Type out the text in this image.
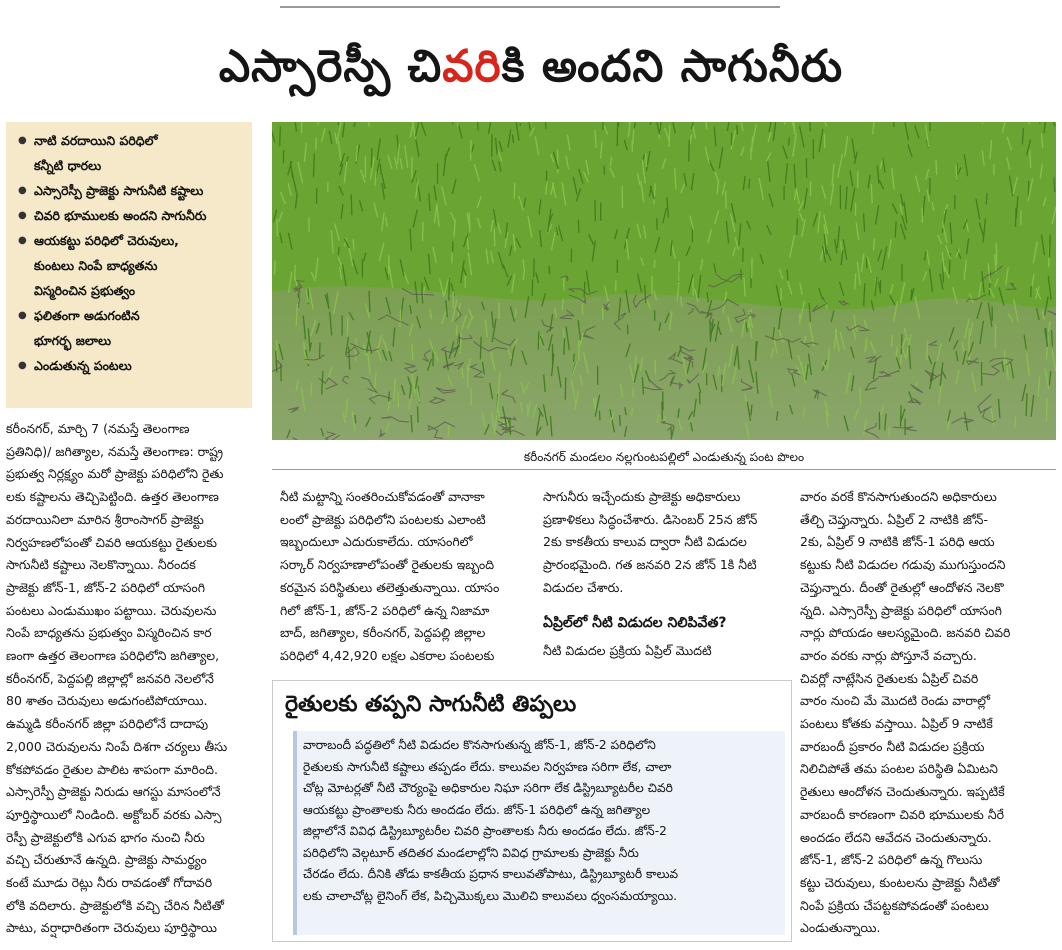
ఎస్సారెస్పీ చివరికి అందని సాగునీరు
● నాటి వరదాయిని పరిధిలో
కన్నీటి ధారలు
● ఎస్సారెస్పీ ప్రాజెక్టు సాగునీటి కష్టాలు
● చివరి భూములకు అందని సాగునీరు
● ఆయకట్టు పరిధిలో చెరువులు,
కుంటలు నింపే బాధ్యతను
విస్మరించిన ప్రభుత్వం
● ఫలితంగా అడుగంటిన
భూగర్భ జలాలు
● ఎండుతున్న పంటలు
కరీంనగర్ మండలం నల్లగుంటపల్లిలో ఎండుతున్న పంట పొలం
కరీంనగర్, మార్చి 7 (నమస్తే తెలంగాణ
ప్రతినిధి)/ జగిత్యాల, నమస్తే తెలంగాణ: రాష్ట్ర
ప్రభుత్వ నిర్లక్ష్యం మరో ప్రాజెక్టు పరిధిలోని రైతు
లకు కష్టాలను తెచ్చిపెట్టింది. ఉత్తర తెలంగాణ
వరదాయినిలా మారిన శ్రీరాంసాగర్ ప్రాజెక్టు
నిర్వహణలోపంతో చివరి ఆయకట్టు రైతులకు
సాగునీటి కష్టాలు నెలకొన్నాయి. నీరందక
ప్రాజెక్టు జోన్-1, జోన్-2 పరిధిలో యాసంగి
పంటలు ఎండుముఖం పట్టాయి. చెరువులను
నింపే బాధ్యతను ప్రభుత్వం విస్మరించిన కార
ణంగా ఉత్తర తెలంగాణ పరిధిలోని జగిత్యాల,
కరీంనగర్, పెద్దపల్లి జిల్లాల్లో జనవరి నెలలోనే
80 శాతం చెరువులు అడుగంటిపోయాయి.
ఉమ్మడి కరీంనగర్ జిల్లా పరిధిలోనే దాదాపు
2,000 చెరువులను నింపే దిశగా చర్యలు తీసు
కోకపోవడం రైతుల పాలిట శాపంగా మారింది.
ఎస్సారెస్పీ ప్రాజెక్టు నిరుడు ఆగస్టు మాసంలోనే
పూర్తిస్థాయిలో నిండింది. అక్టోబర్ వరకు ఎస్సా
రెస్పీ ప్రాజెక్టులోకి ఎగువ భాగం నుంచి నీరు
వచ్చి చేరుతూనే ఉన్నది. ప్రాజెక్టు సామర్థ్యం
కంటే మూడు రెట్లు నీరు రావడంతో గోదావరి
లోకి వదిలారు. ప్రాజెక్టులోకి వచ్చి చేరిన నీటితో
పాటు, వర్షాధారితంగా చెరువులు పూర్తిస్థాయి
నీటి మట్టాన్ని సంతరించుకోవడంతో వానాకా
లంలో ప్రాజెక్టు పరిధిలోని పంటలకు ఎలాంటి
ఇబ్బందులూ ఎదురుకాలేదు. యాసంగిలో
సర్కార్ నిర్వహణాలోపంతో రైతులకు ఇబ్బంది
కరమైన పరిస్థితులు తలెత్తుతున్నాయి. యాసం
గిలో జోన్-1, జోన్-2 పరిధిలో ఉన్న నిజామా
బాద్, జగిత్యాల, కరీంనగర్, పెద్దపల్లి జిల్లాల
పరిధిలో 4,42,920 లక్షల ఎకరాల పంటలకు
సాగునీరు ఇచ్చేందుకు ప్రాజెక్టు అధికారులు
ప్రణాళికలు సిద్ధంచేశారు. డిసెంబర్ 25న జోన్
2కు కాకతీయ కాలువ ద్వారా నీటి విడుదల
ప్రారంభమైంది. గత జనవరి 2న జోన్ 1కి నీటి
విడుదల చేశారు.
ఏప్రిల్‌లో నీటి విడుదల నిలిపివేత?
నీటి విడుదల ప్రక్రియ ఏప్రిల్ మొదటి
వారం వరకే కొనసాగుతుందని అధికారులు
తేల్చి చెప్తున్నారు. ఏప్రిల్ 2 నాటికి జోన్-
2కు, ఏప్రిల్ 9 నాటికి జోన్-1 పరిధి ఆయ
కట్టుకు నీటి విడుదల గడువు ముగుస్తుందని
చెప్తున్నారు. దీంతో రైతుల్లో ఆందోళన నెలకొ
న్నది. ఎస్సారెస్పీ ప్రాజెక్టు పరిధిలో యాసంగి
నార్లు పోయడం ఆలస్యమైంది. జనవరి చివరి
వారం వరకు నార్లు పోస్తూనే వచ్చారు.
చివర్లో నాట్లేసిన రైతులకు ఏప్రిల్ చివరి
వారం నుంచి మే మొదటి రెండు వారాల్లో
పంటలు కోతకు వస్తాయి. ఏప్రిల్ 9 నాటికే
వారబందీ ప్రకారం నీటి విడుదల ప్రక్రియ
నిలిచిపోతే తమ పంటల పరిస్థితి ఏమిటని
రైతులు ఆందోళన చెందుతున్నారు. ఇప్పటికే
వారబందీ కారణంగా చివరి భూములకు నీరే
అందడం లేదని ఆవేదన చెందుతున్నారు.
జోన్-1, జోన్-2 పరిధిలో ఉన్న గొలుసు
కట్టు చెరువులు, కుంటలను ప్రాజెక్టు నీటితో
నింపే ప్రక్రియ చేపట్టకపోవడంతో పంటలు
ఎండుతున్నాయి.
రైతులకు తప్పని సాగునీటి తిప్పలు
వారాబందీ పద్ధతిలో నీటి విడుదల కొనసాగుతున్న జోన్-1, జోన్-2 పరిధిలోని
రైతులకు సాగునీటి కష్టాలు తప్పడం లేదు. కాలువల నిర్వహణ సరిగా లేక, చాలా
చోట్ల మోటర్లతో నీటి చౌర్యంపై అధికారుల నిఘా సరిగా లేక డిస్ట్రిబ్యూటరీల చివరి
ఆయకట్టు ప్రాంతాలకు నీరు అందడం లేదు. జోన్-1 పరిధిలో ఉన్న జగిత్యాల
జిల్లాలోనే వివిధ డిస్ట్రిబ్యూటరీల చివరి ప్రాంతాలకు నీరు అందడం లేదు. జోన్-2
పరిధిలోని వెల్గటూర్ తదితర మండలాల్లోని వివిధ గ్రామాలకు ప్రాజెక్టు నీరు
చేరడం లేదు. దీనికి తోడు కాకతీయ ప్రధాన కాలువతోపాటు, డిస్ట్రిబ్యూటరీ కాలువ
లకు చాలాచోట్ల లైనింగ్ లేక, పిచ్చిమొక్కలు మొలిచి కాలువలు ధ్వంసమయ్యాయి.
